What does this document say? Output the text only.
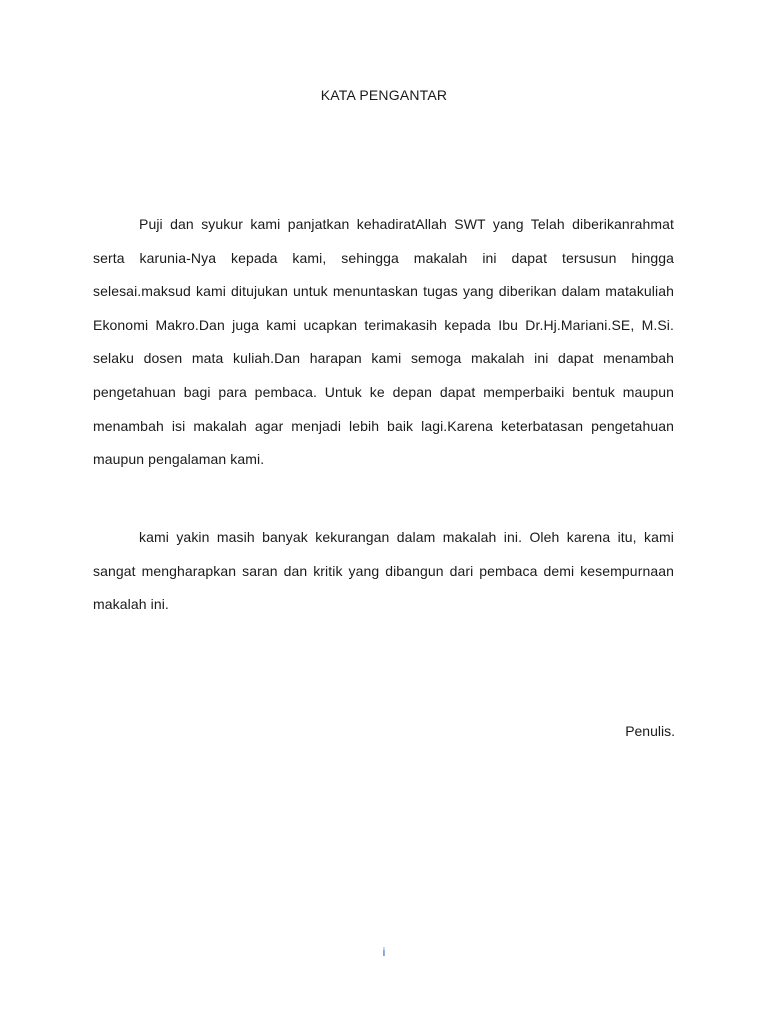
KATA PENGANTAR

Puji dan syukur kami panjatkan kehadiratAllah SWT yang Telah diberikanrahmat serta karunia-Nya kepada kami, sehingga makalah ini dapat tersusun hingga selesai.maksud kami ditujukan untuk menuntaskan tugas yang diberikan dalam matakuliah Ekonomi Makro.Dan juga kami ucapkan terimakasih kepada Ibu Dr.Hj.Mariani.SE, M.Si. selaku dosen mata kuliah.Dan harapan kami semoga makalah ini dapat menambah pengetahuan bagi para pembaca. Untuk ke depan dapat memperbaiki bentuk maupun menambah isi makalah agar menjadi lebih baik lagi.Karena keterbatasan pengetahuan maupun pengalaman kami.

kami yakin masih banyak kekurangan dalam makalah ini. Oleh karena itu, kami sangat mengharapkan saran dan kritik yang dibangun dari pembaca demi kesempurnaan makalah ini.

Penulis.
i
